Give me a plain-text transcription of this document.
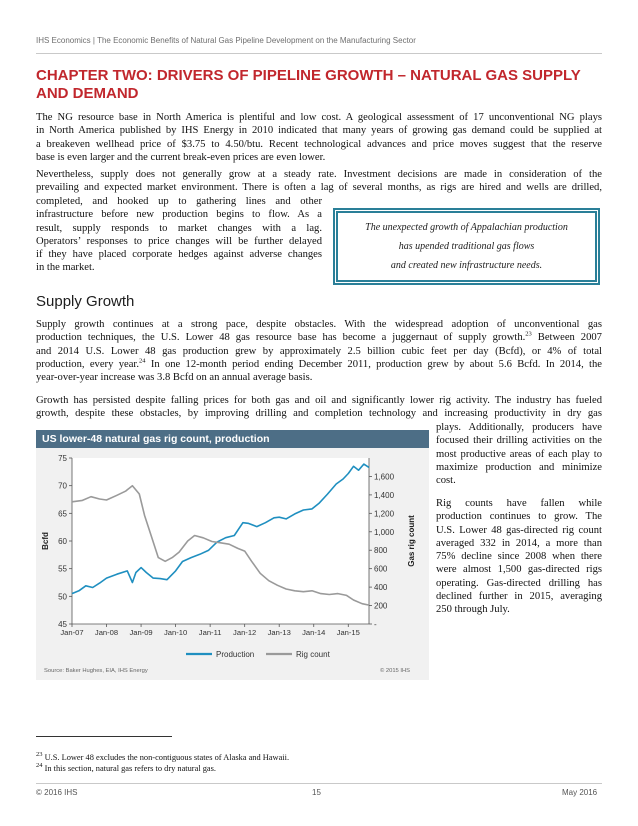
IHS Economics | The Economic Benefits of Natural Gas Pipeline Development on the Manufacturing Sector
CHAPTER TWO: DRIVERS OF PIPELINE GROWTH – NATURAL GAS SUPPLY
AND DEMAND
The NG resource base in North America is plentiful and low cost. A geological assessment of 17 unconventional NG plays
in North America published by IHS Energy in 2010 indicated that many years of growing gas demand could be supplied at
a breakeven wellhead price of $3.75 to 4.50/btu. Recent technological advances and price moves suggest that the reserve
base is even larger and the current break-even prices are even lower.
Nevertheless, supply does not generally grow at a steady rate. Investment decisions are made in consideration of the
prevailing and expected market environment. There is often a lag of several months, as rigs are hired and wells are drilled,
completed, and hooked up to gathering lines and other
infrastructure before new production begins to flow. As a
result, supply responds to market changes with a lag.
Operators’ responses to price changes will be further delayed
if they have placed corporate hedges against adverse changes
in the market.
The unexpected growth of Appalachian production
has upended traditional gas flows
and created new infrastructure needs.
Supply Growth
Supply growth continues at a strong pace, despite obstacles. With the widespread adoption of unconventional gas
production techniques, the U.S. Lower 48 gas resource base has become a juggernaut of supply growth.$^{23}$ Between 2007
and 2014 U.S. Lower 48 gas production grew by approximately 2.5 billion cubic feet per day (Bcfd), or 4% of total
production, every year.$^{24}$ In one 12-month period ending December 2011, production grew by about 5.6 Bcfd. In 2014, the
year-over-year increase was 3.8 Bcfd on an annual average basis.
Growth has persisted despite falling prices for both gas and oil and significantly lower rig activity. The industry has fueled
growth, despite these obstacles, by improving drilling and completion technology and increasing productivity in dry gas
plays. Additionally, producers have
focused their drilling activities on the
most productive areas of each play to
maximize production and minimize
cost.
Rig counts have fallen while
production continues to grow. The
U.S. Lower 48 gas-directed rig count
averaged 332 in 2014, a more than
75% decline since 2008 when there
were almost 1,500 gas-directed rigs
operating. Gas-directed drilling has
declined further in 2015, averaging
250 through July.
US lower-48 natural gas rig count, production
75
70
65
60
55
50
45
1,600
1,400
1,200
1,000
800
600
400
200
-
Jan-07 Jan-08 Jan-09 Jan-10 Jan-11 Jan-12 Jan-13 Jan-14 Jan-15
Bcfd	Gas rig count
Production	Rig count
Source: Baker Hughes, EIA, IHS Energy	© 2015 IHS
$^{23}$ U.S. Lower 48 excludes the non-contiguous states of Alaska and Hawaii.
$^{24}$ In this section, natural gas refers to dry natural gas.
© 2016 IHS	15	May 2016
